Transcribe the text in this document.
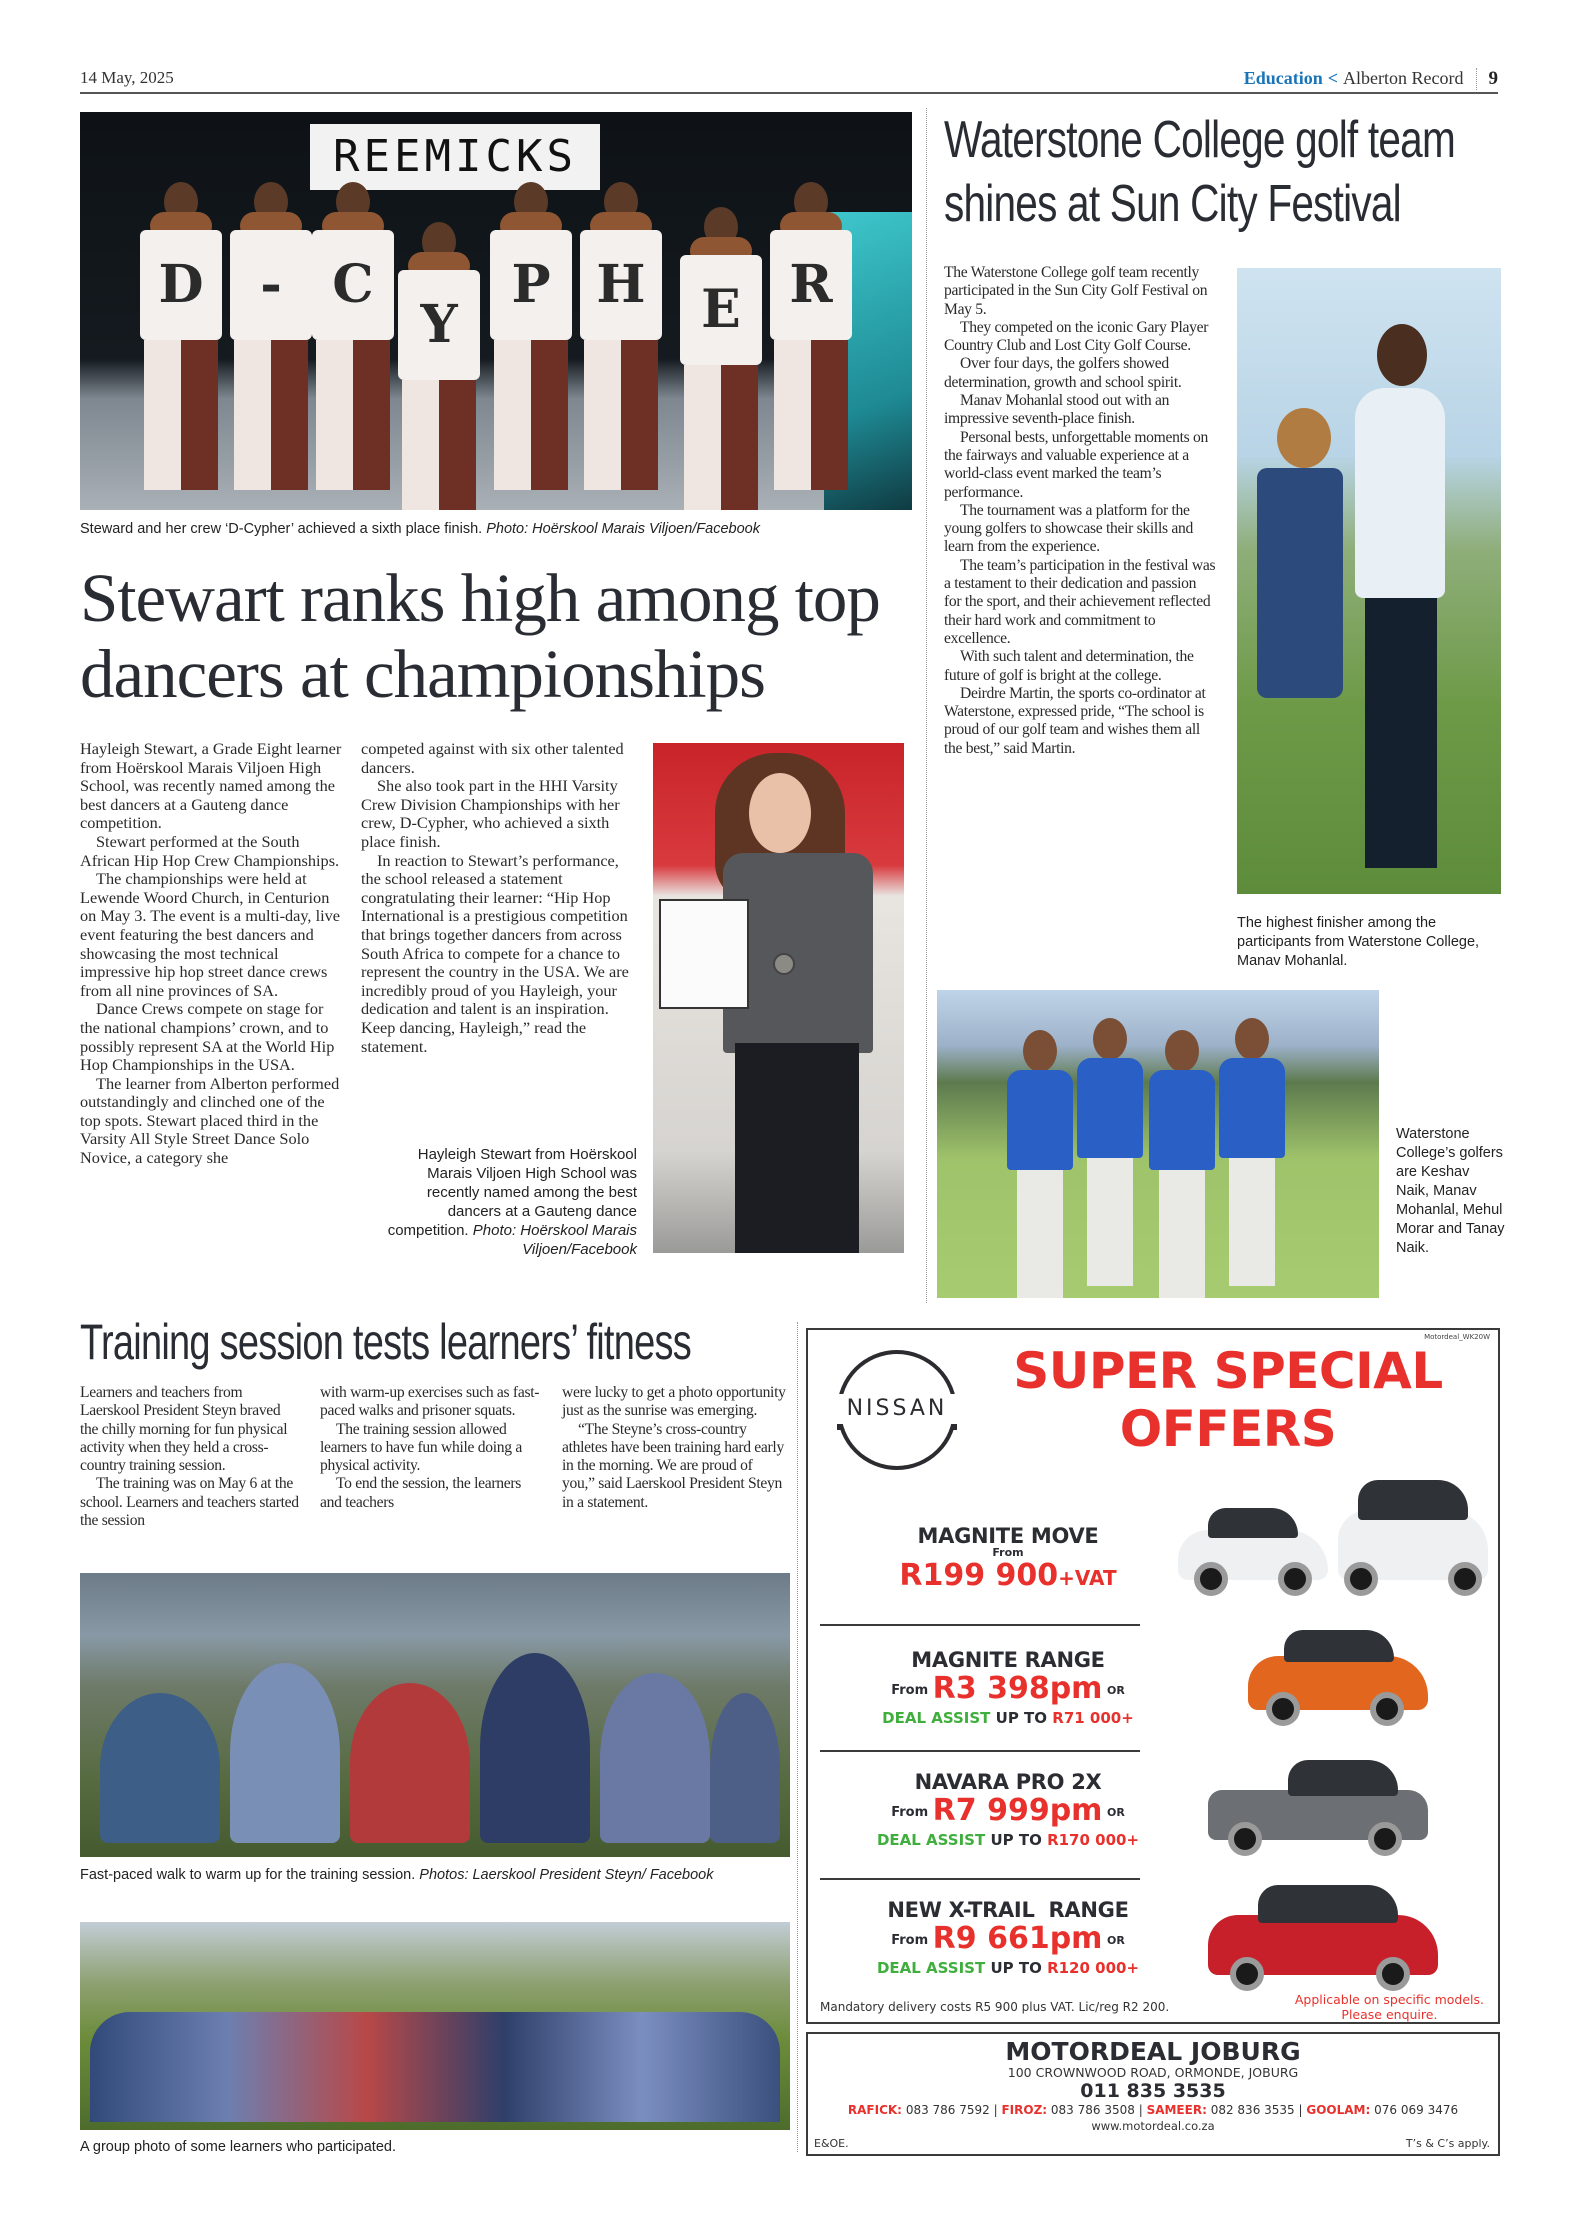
14 May, 2025	Education < Alberton Record 9
REEMICKS
D	- C
Y
P H	E R
Steward and her crew ‘D-Cypher’ achieved a sixth place finish. Photo: Hoërskool Marais Viljoen/Facebook
Stewart ranks high among top
dancers at championships

Hayleigh Stewart, a Grade Eight learner from Hoërskool Marais Viljoen High School, was recently named among the best dancers at a Gauteng dance competition.

Stewart performed at the South African Hip Hop Crew Championships.

The championships were held at Lewende Woord Church, in Centurion on May 3. The event is a multi-day, live event featuring the best dancers and showcasing the most technical impressive hip hop street dance crews from all nine provinces of SA.

Dance Crews compete on stage for the national champions’ crown, and to possibly represent SA at the World Hip Hop Championships in the USA.

The learner from Alberton performed outstandingly and clinched one of the top spots. Stewart placed third in the Varsity All Style Street Dance Solo Novice, a category she

competed against with six other talented dancers.

She also took part in the HHI Varsity Crew Division Championships with her crew, D-Cypher, who achieved a sixth place finish.

In reaction to Stewart’s performance, the school released a statement congratulating their learner: “Hip Hop International is a prestigious competition that brings together dancers from across South Africa to compete for a chance to represent the country in the USA. We are incredibly proud of you Hayleigh, your dedication and talent is an inspiration. Keep dancing, Hayleigh,” read the statement.

Hayleigh Stewart from Hoërskool Marais Viljoen High School was recently named among the best dancers at a Gauteng dance competition. Photo: Hoërskool Marais Viljoen/Facebook
Waterstone College golf team
shines at Sun City Festival

The Waterstone College golf team recently participated in the Sun City Golf Festival on May 5.

They competed on the iconic Gary Player Country Club and Lost City Golf Course.

Over four days, the golfers showed determination, growth and school spirit.

Manav Mohanlal stood out with an impressive seventh-place finish.

Personal bests, unforgettable moments on the fairways and valuable experience at a world-class event marked the team’s performance.

The tournament was a platform for the young golfers to showcase their skills and learn from the experience.

The team’s participation in the festival was a testament to their dedication and passion for the sport, and their achievement reflected their hard work and commitment to excellence.

With such talent and determination, the future of golf is bright at the college.

Deirdre Martin, the sports co-ordinator at Waterstone, expressed pride, “The school is proud of our golf team and wishes them all the best,” said Martin.

The highest finisher among the participants from Waterstone College, Manav Mohanlal.
Waterstone College’s golfers are Keshav Naik, Manav Mohanlal, Mehul Morar and Tanay Naik.
Training session tests learners’ fitness

Learners and teachers from Laerskool President Steyn braved the chilly morning for fun physical activity when they held a cross-country training session.

The training was on May 6 at the school. Learners and teachers started the session

with warm-up exercises such as fast-paced walks and prisoner squats.

The training session allowed learners to have fun while doing a physical activity.

To end the session, the learners and teachers

were lucky to get a photo opportunity just as the sunrise was emerging.

“The Steyne’s cross-country athletes have been training hard early in the morning. We are proud of you,” said Laerskool President Steyn in a statement.

Fast-paced walk to warm up for the training session. Photos: Laerskool President Steyn/ Facebook
A group photo of some learners who participated.
Motordeal_WK20W
NISSAN
SUPER SPECIAL
OFFERS
MAGNITE MOVE
From
R199 900+VAT
MAGNITE RANGE
From R3 398pm OR
DEAL ASSIST UP TO R71 000+
NAVARA PRO 2X
From R7 999pm OR
DEAL ASSIST UP TO R170 000+
NEW X-TRAIL  RANGE
From R9 661pm OR
DEAL ASSIST UP TO R120 000+
Mandatory delivery costs R5 900 plus VAT. Lic/reg R2 200.	Applicable on specific models.
Please enquire.
MOTORDEAL JOBURG
100 CROWNWOOD ROAD, ORMONDE, JOBURG
011 835 3535
RAFICK: 083 786 7592 | FIROZ: 083 786 3508 | SAMEER: 082 836 3535 | GOOLAM: 076 069 3476
www.motordeal.co.za
E&OE.	T’s & C’s apply.
